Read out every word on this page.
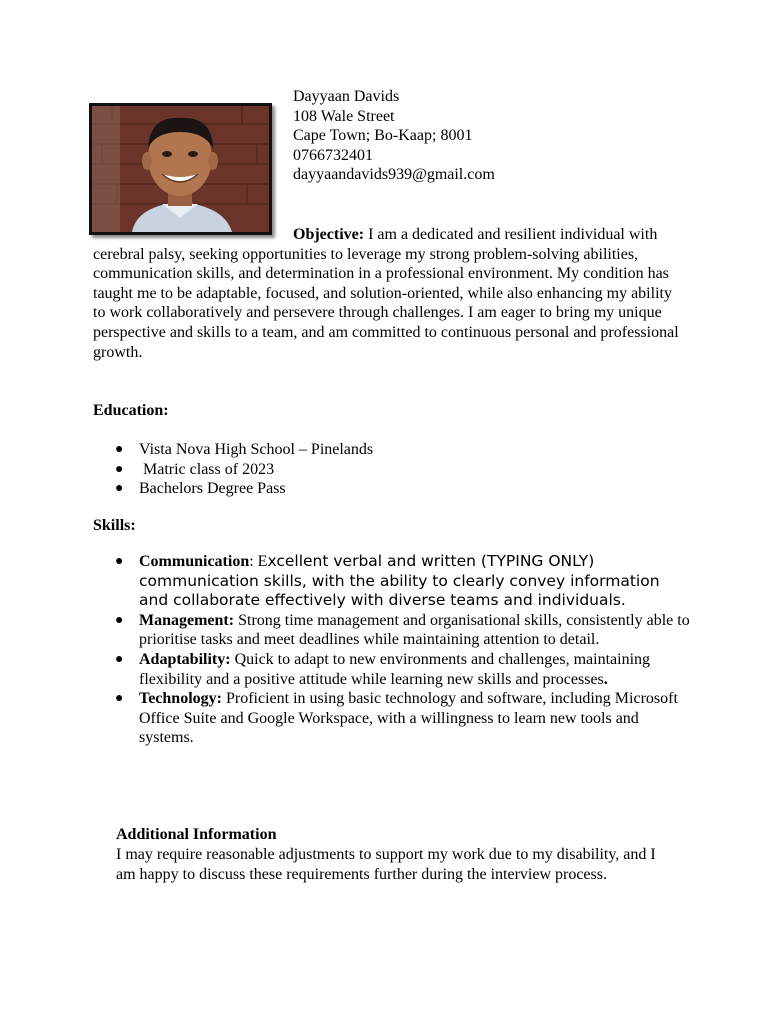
Dayyaan Davids
108 Wale Street
Cape Town; Bo-Kaap; 8001
0766732401
dayyaandavids939@gmail.com
Objective: I am a dedicated and resilient individual with cerebral palsy, seeking opportunities to leverage my strong problem-solving abilities, communication skills, and determination in a professional environment. My condition has taught me to be adaptable, focused, and solution-oriented, while also enhancing my ability to work collaboratively and persevere through challenges. I am eager to bring my unique perspective and skills to a team, and am committed to continuous personal and professional growth.
Education:
● Vista Nova High School – Pinelands
● Matric class of 2023
● Bachelors Degree Pass
Skills:
● Communication: Excellent verbal and written (TYPING ONLY) communication skills, with the ability to clearly convey information and collaborate effectively with diverse teams and individuals.
● Management: Strong time management and organisational skills, consistently able to prioritise tasks and meet deadlines while maintaining attention to detail.
● Adaptability: Quick to adapt to new environments and challenges, maintaining flexibility and a positive attitude while learning new skills and processes.
● Technology: Proficient in using basic technology and software, including Microsoft Office Suite and Google Workspace, with a willingness to learn new tools and systems.
Additional Information
I may require reasonable adjustments to support my work due to my disability, and I am happy to discuss these requirements further during the interview process.
